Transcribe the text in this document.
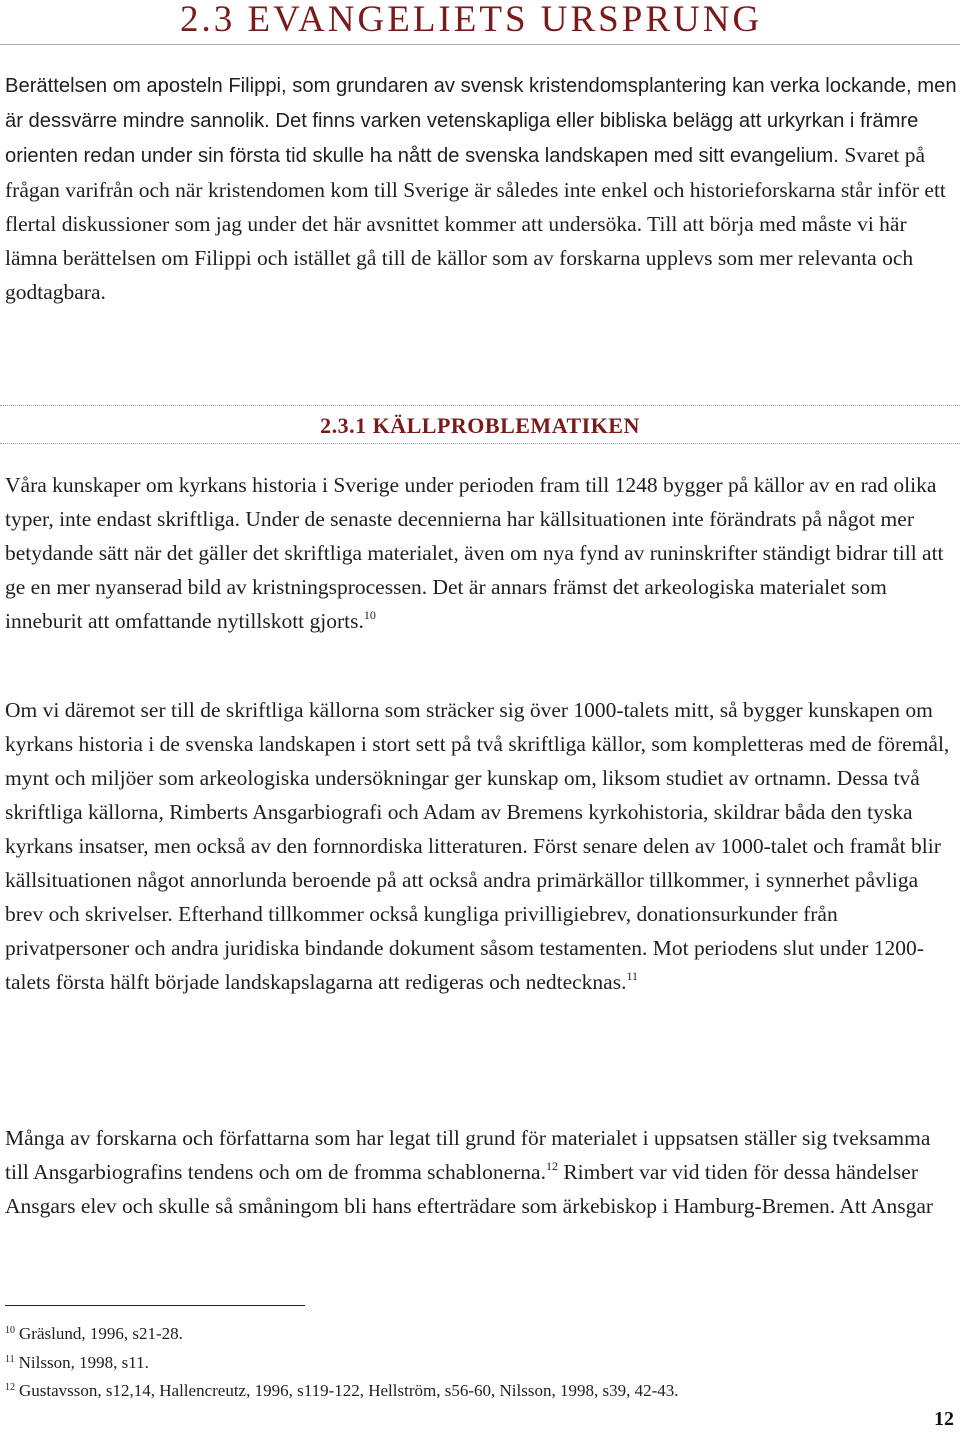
2.3 EVANGELIETS URSPRUNG

Berättelsen om aposteln Filippi, som grundaren av svensk kristendomsplantering kan verka lockande, men är dessvärre mindre sannolik. Det finns varken vetenskapliga eller bibliska belägg att urkyrkan i främre orienten redan under sin första tid skulle ha nått de svenska landskapen med sitt evangelium. Svaret på frågan varifrån och när kristendomen kom till Sverige är således inte enkel och historieforskarna står inför ett flertal diskussioner som jag under det här avsnittet kommer att undersöka. Till att börja med måste vi här lämna berättelsen om Filippi och istället gå till de källor som av forskarna upplevs som mer relevanta och godtagbara.

2.3.1 KÄLLPROBLEMATIKEN

Våra kunskaper om kyrkans historia i Sverige under perioden fram till 1248 bygger på källor av en rad olika typer, inte endast skriftliga. Under de senaste decennierna har källsituationen inte förändrats på något mer betydande sätt när det gäller det skriftliga materialet, även om nya fynd av runinskrifter ständigt bidrar till att ge en mer nyanserad bild av kristningsprocessen. Det är annars främst det arkeologiska materialet som inneburit att omfattande nytillskott gjorts.$^{10}$

Om vi däremot ser till de skriftliga källorna som sträcker sig över 1000-talets mitt, så bygger kunskapen om kyrkans historia i de svenska landskapen i stort sett på två skriftliga källor, som kompletteras med de föremål, mynt och miljöer som arkeologiska undersökningar ger kunskap om, liksom studiet av ortnamn. Dessa två skriftliga källorna, Rimberts Ansgarbiografi och Adam av Bremens kyrkohistoria, skildrar båda den tyska kyrkans insatser, men också av den fornnordiska litteraturen. Först senare delen av 1000-talet och framåt blir källsituationen något annorlunda beroende på att också andra primärkällor tillkommer, i synnerhet påvliga brev och skrivelser. Efterhand tillkommer också kungliga privilligiebrev, donationsurkunder från privatpersoner och andra juridiska bindande dokument såsom testamenten. Mot periodens slut under 1200-talets första hälft började landskapslagarna att redigeras och nedtecknas.$^{11}$

Många av forskarna och författarna som har legat till grund för materialet i uppsatsen ställer sig tveksamma till Ansgarbiografins tendens och om de fromma schablonerna.$^{12}$ Rimbert var vid tiden för dessa händelser Ansgars elev och skulle så småningom bli hans efterträdare som ärkebiskop i Hamburg-Bremen. Att Ansgar

$^{10}$ Gräslund, 1996, s21-28.
$^{11}$ Nilsson, 1998, s11.
$^{12}$ Gustavsson, s12,14, Hallencreutz, 1996, s119-122, Hellström, s56-60, Nilsson, 1998, s39, 42-43.
12
